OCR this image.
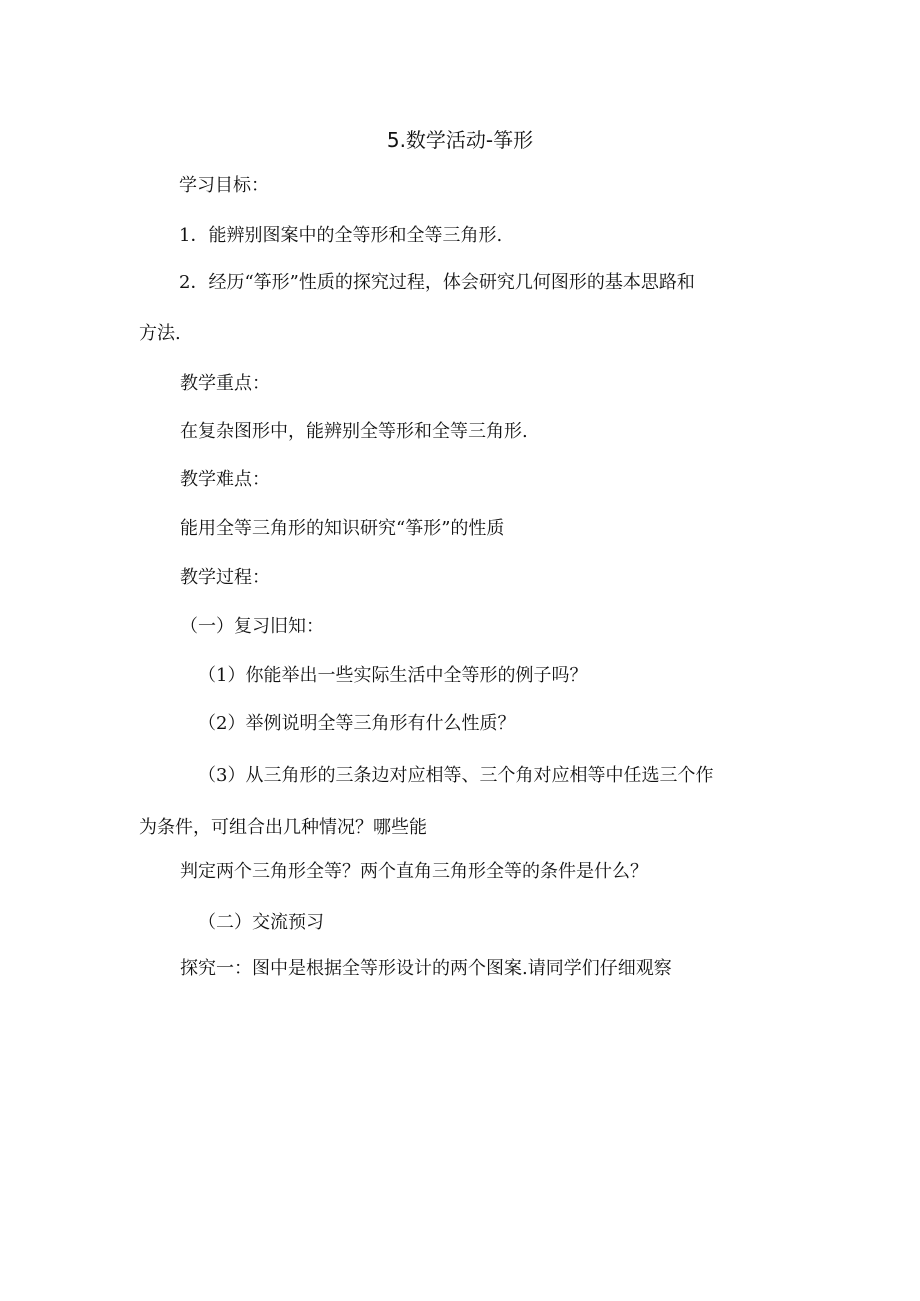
5.数学活动-筝形
学习目标：
1．能辨别图案中的全等形和全等三角形.
2．经历“筝形”性质的探究过程，体会研究几何图形的基本思路和
方法.
教学重点：
在复杂图形中，能辨别全等形和全等三角形.
教学难点：
能用全等三角形的知识研究“筝形”的性质
教学过程：
（一）复习旧知：
（1）你能举出一些实际生活中全等形的例子吗？
（2）举例说明全等三角形有什么性质？
（3）从三角形的三条边对应相等、三个角对应相等中任选三个作
为条件，可组合出几种情况？哪些能
判定两个三角形全等？两个直角三角形全等的条件是什么？
（二）交流预习
探究一：图中是根据全等形设计的两个图案.请同学们仔细观察
